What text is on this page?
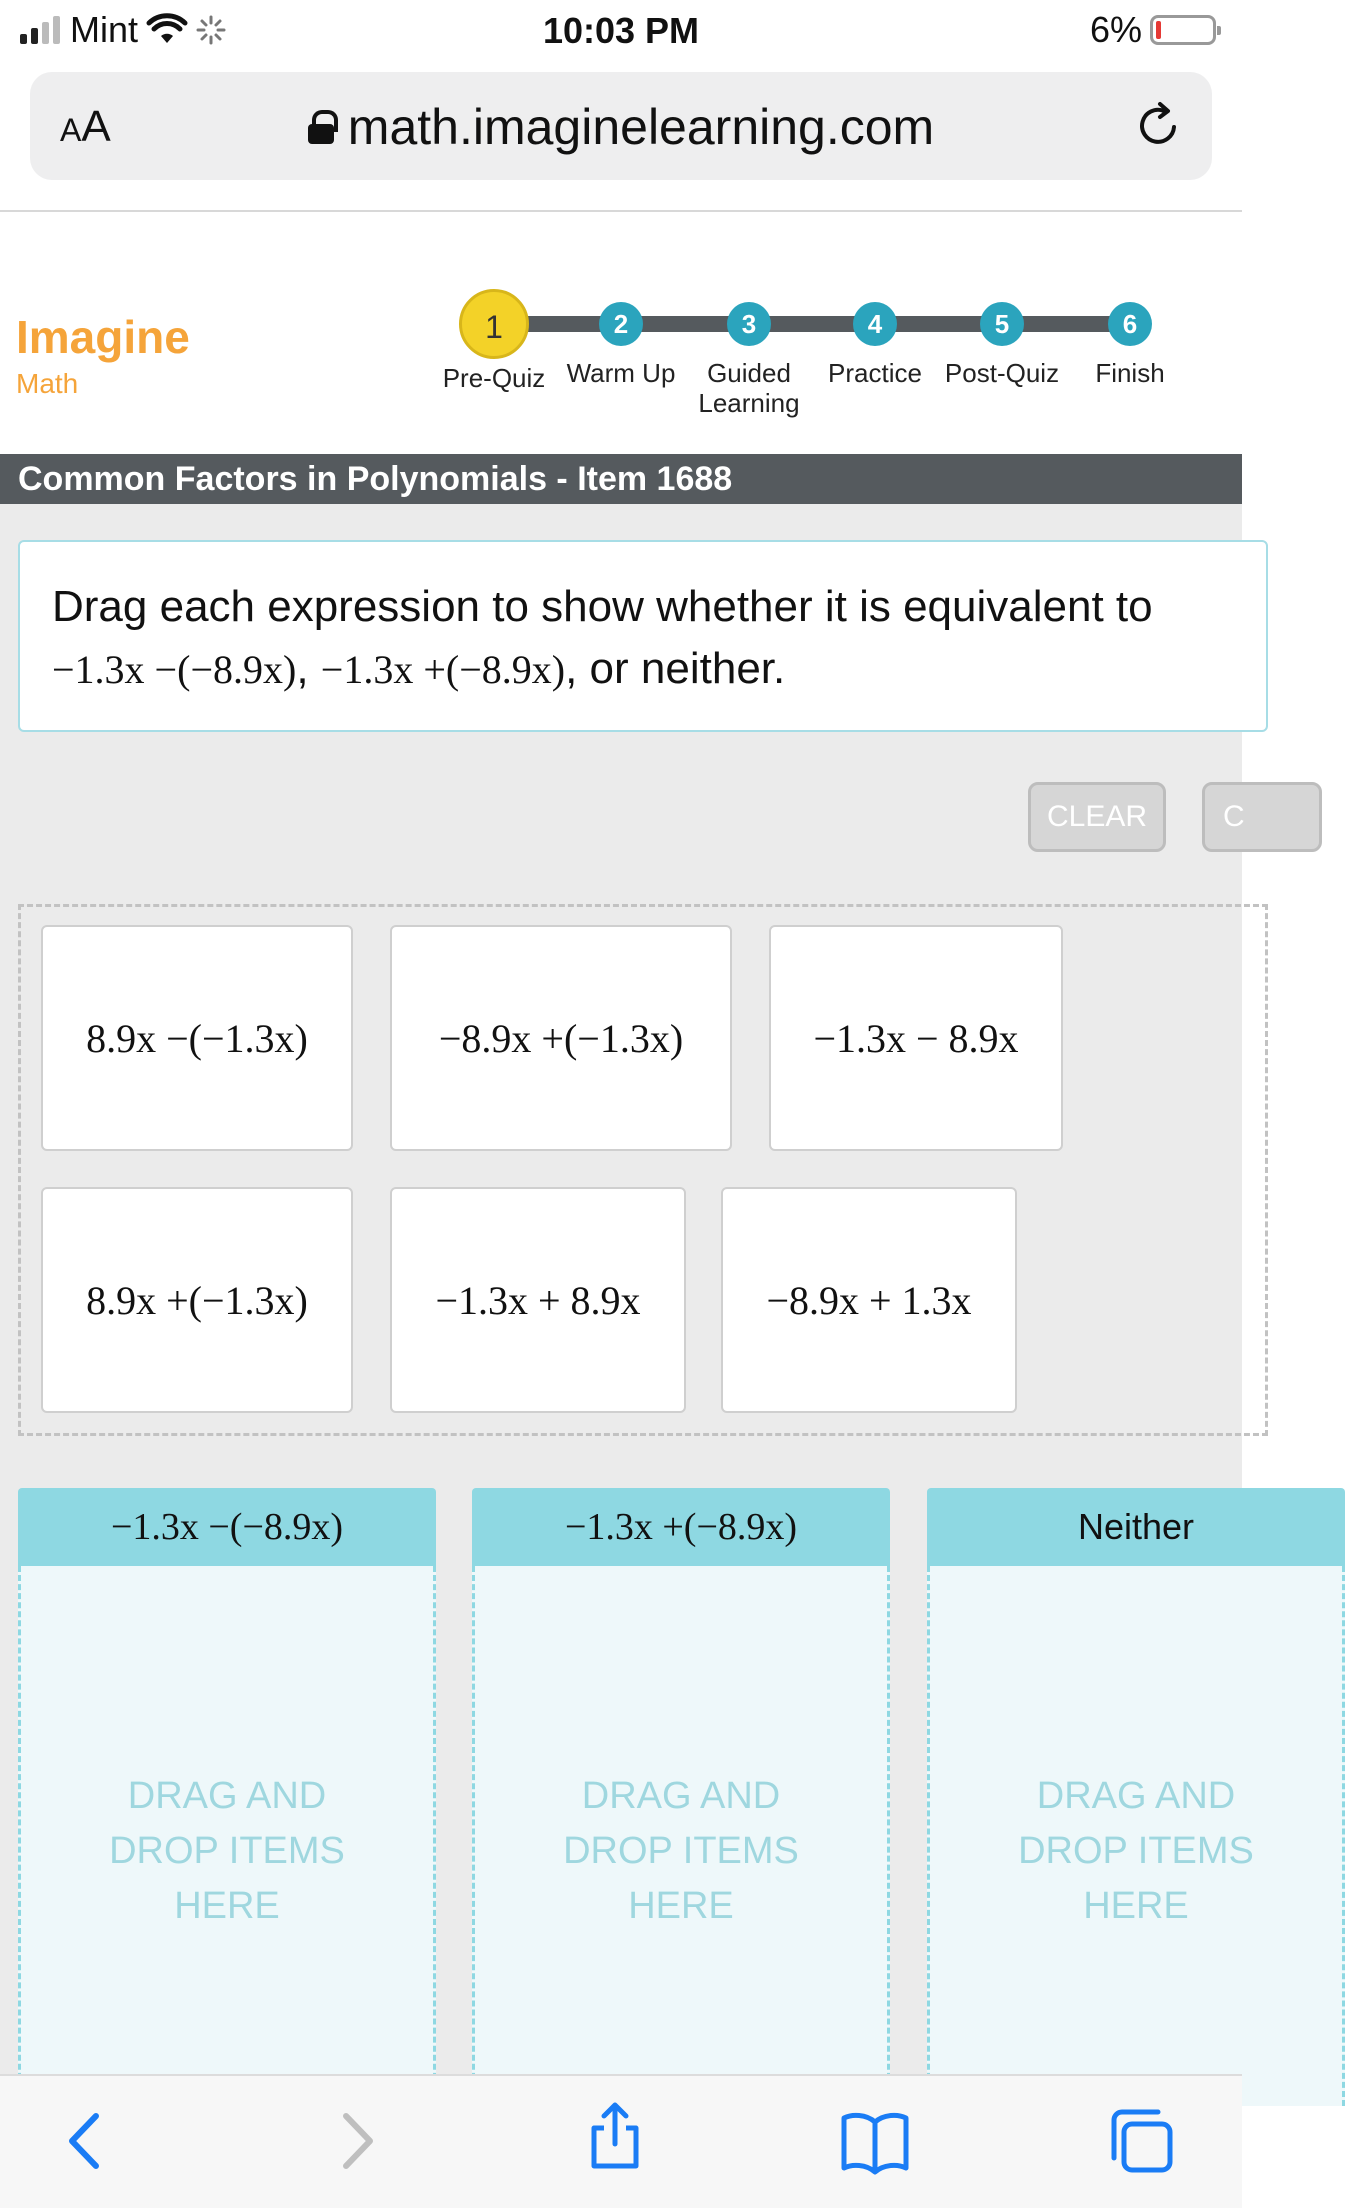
Mint	10:03 PM	6%
AA	math.imaginelearning.com
Imagine
Math
1
Pre-Quiz
2
Warm Up
3
Guided Learning
4
Practice
5
Post-Quiz
6
Finish
Common Factors in Polynomials - Item 1688
Drag each expression to show whether it is equivalent to
−1.3x −(−8.9x), −1.3x +(−8.9x), or neither.
CLEAR	C
8.9x −(−1.3x)	−8.9x +(−1.3x)	−1.3x − 8.9x
8.9x +(−1.3x)	−1.3x + 8.9x	−8.9x + 1.3x
−1.3x −(−8.9x)
DRAG AND DROP ITEMS HERE
−1.3x +(−8.9x)
DRAG AND DROP ITEMS HERE
Neither
DRAG AND DROP ITEMS HERE
